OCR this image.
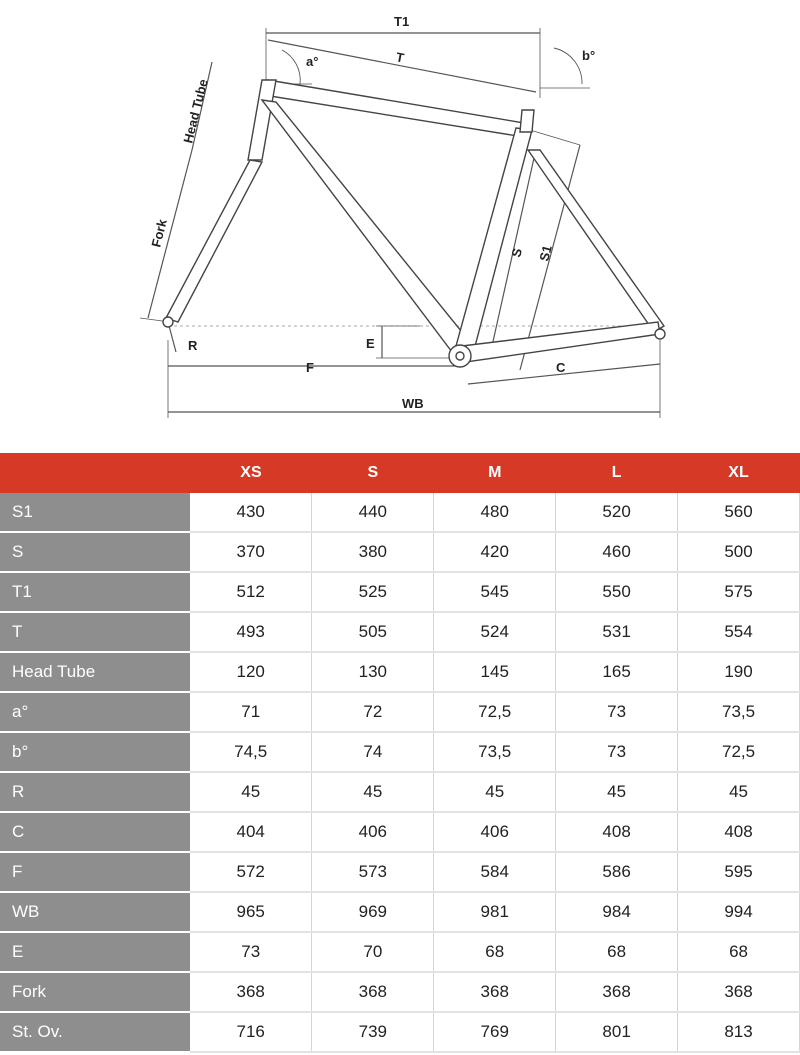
T1
T
a°	b°
Head Tube
Fork
S S1
E
R
F	C
WB
	XS	S	M	L	XL
S1	430	440	480	520	560
S	370	380	420	460	500
T1	512	525	545	550	575
T	493	505	524	531	554
Head Tube	120	130	145	165	190
a°	71	72	72,5	73	73,5
b°	74,5	74	73,5	73	72,5
R	45	45	45	45	45
C	404	406	406	408	408
F	572	573	584	586	595
WB	965	969	981	984	994
E	73	70	68	68	68
Fork	368	368	368	368	368
St. Ov.	716	739	769	801	813
